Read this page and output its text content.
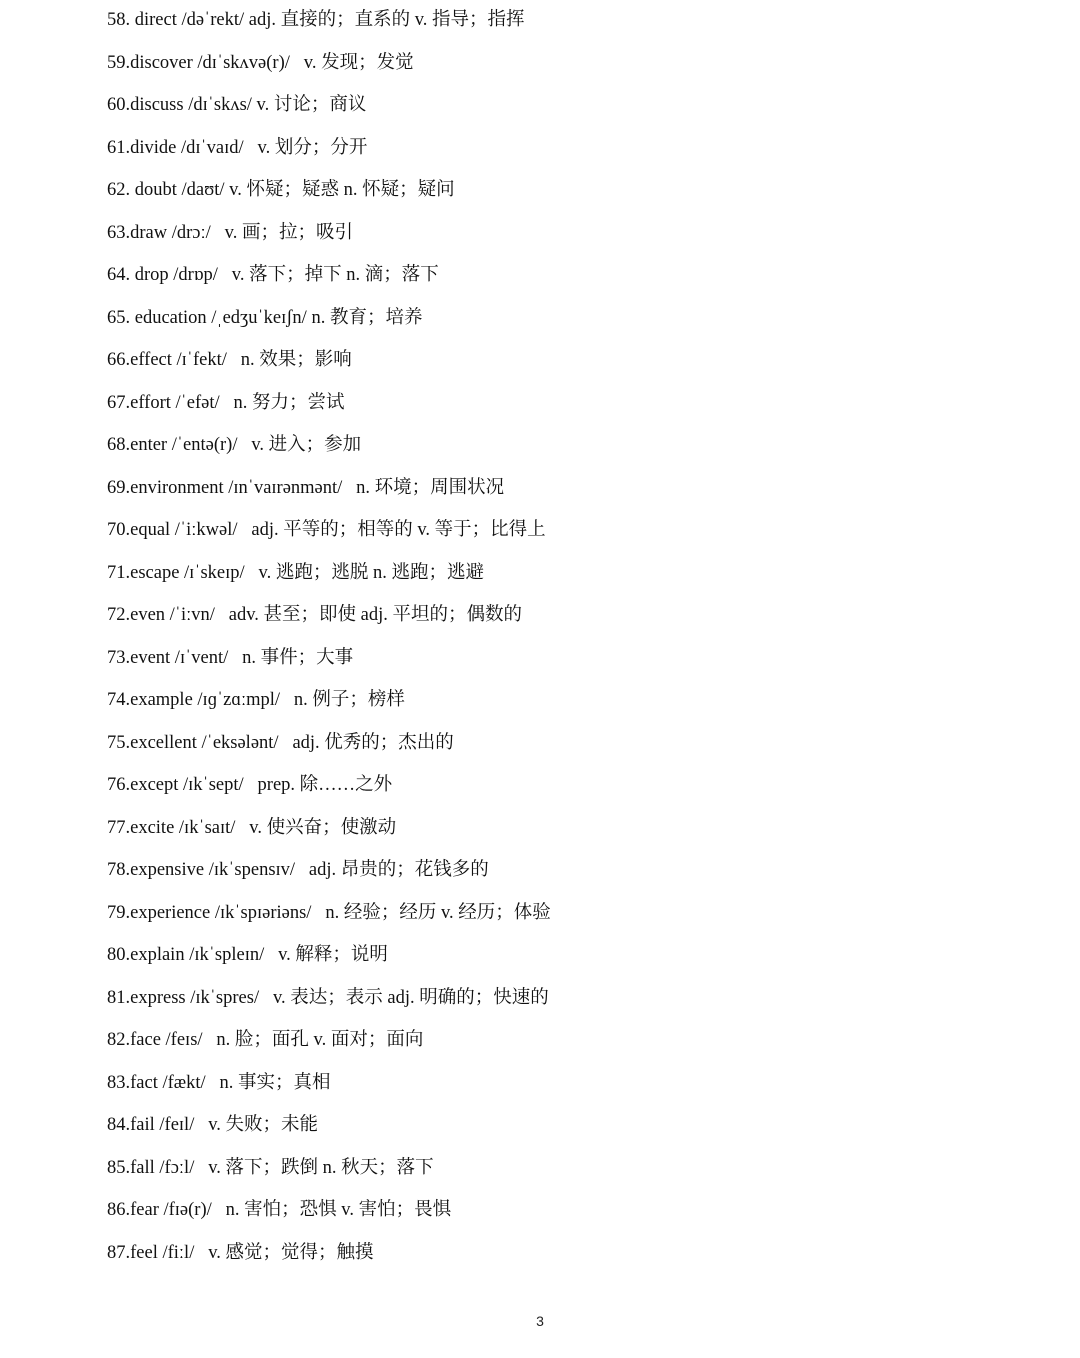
58. direct /dəˈrekt/ adj. 直接的；直系的 v. 指导；指挥
59.discover /dɪˈskʌvə(r)/   v. 发现；发觉
60.discuss /dɪˈskʌs/ v. 讨论；商议
61.divide /dɪˈvaɪd/   v. 划分；分开
62. doubt /daʊt/ v. 怀疑；疑惑 n. 怀疑；疑问
63.draw /drɔː/   v. 画；拉；吸引
64. drop /drɒp/   v. 落下；掉下 n. 滴；落下
65. education /ˌedʒuˈkeɪʃn/ n. 教育；培养
66.effect /ɪˈfekt/   n. 效果；影响
67.effort /ˈefət/   n. 努力；尝试
68.enter /ˈentə(r)/   v. 进入；参加
69.environment /ɪnˈvaɪrənmənt/   n. 环境；周围状况
70.equal /ˈiːkwəl/   adj. 平等的；相等的 v. 等于；比得上
71.escape /ɪˈskeɪp/   v. 逃跑；逃脱 n. 逃跑；逃避
72.even /ˈiːvn/   adv. 甚至；即使 adj. 平坦的；偶数的
73.event /ɪˈvent/   n. 事件；大事
74.example /ɪɡˈzɑːmpl/   n. 例子；榜样
75.excellent /ˈeksələnt/   adj. 优秀的；杰出的
76.except /ɪkˈsept/   prep. 除……之外
77.excite /ɪkˈsaɪt/   v. 使兴奋；使激动
78.expensive /ɪkˈspensɪv/   adj. 昂贵的；花钱多的
79.experience /ɪkˈspɪəriəns/   n. 经验；经历 v. 经历；体验
80.explain /ɪkˈspleɪn/   v. 解释；说明
81.express /ɪkˈspres/   v. 表达；表示 adj. 明确的；快速的
82.face /feɪs/   n. 脸；面孔 v. 面对；面向
83.fact /fækt/   n. 事实；真相
84.fail /feɪl/   v. 失败；未能
85.fall /fɔːl/   v. 落下；跌倒 n. 秋天；落下
86.fear /fɪə(r)/   n. 害怕；恐惧 v. 害怕；畏惧
87.feel /fiːl/   v. 感觉；觉得；触摸
3
